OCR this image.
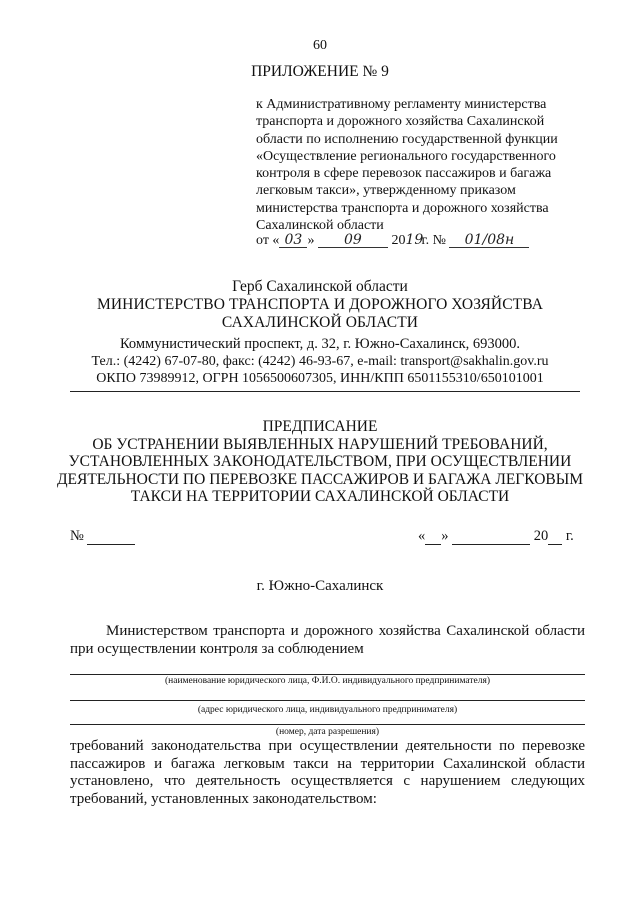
60
ПРИЛОЖЕНИЕ № 9
к Административному регламенту министерства транспорта и дорожного хозяйства Сахалинской области по исполнению государственной функции «Осуществление регионального государственного контроля в сфере перевозок пассажиров и багажа легковым такси», утвержденному приказом министерства транспорта и дорожного хозяйства Сахалинской области
от « 03 » 09 2019г. № 01/08н
Герб Сахалинской области
МИНИСТЕРСТВО ТРАНСПОРТА И ДОРОЖНОГО ХОЗЯЙСТВА
САХАЛИНСКОЙ ОБЛАСТИ
Коммунистический проспект, д. 32, г. Южно-Сахалинск, 693000.
Тел.: (4242) 67-07-80, факс: (4242) 46-93-67, e-mail: transport@sakhalin.gov.ru
ОКПО 73989912, ОГРН 1056500607305, ИНН/КПП 6501155310/650101001
ПРЕДПИСАНИЕ
ОБ УСТРАНЕНИИ ВЫЯВЛЕННЫХ НАРУШЕНИЙ ТРЕБОВАНИЙ,
УСТАНОВЛЕННЫХ ЗАКОНОДАТЕЛЬСТВОМ, ПРИ ОСУЩЕСТВЛЕНИИ
ДЕЯТЕЛЬНОСТИ ПО ПЕРЕВОЗКЕ ПАССАЖИРОВ И БАГАЖА ЛЕГКОВЫМ
ТАКСИ НА ТЕРРИТОРИИ САХАЛИНСКОЙ ОБЛАСТИ
№	« »	20 г.
г. Южно-Сахалинск
Министерством транспорта и дорожного хозяйства Сахалинской области при осуществлении контроля за соблюдением
(наименование юридического лица, Ф.И.О. индивидуального предпринимателя)
(адрес юридического лица, индивидуального предпринимателя)
(номер, дата разрешения)
требований законодательства при осуществлении деятельности по перевозке пассажиров и багажа легковым такси на территории Сахалинской области установлено, что деятельность осуществляется с нарушением следующих требований, установленных законодательством:
